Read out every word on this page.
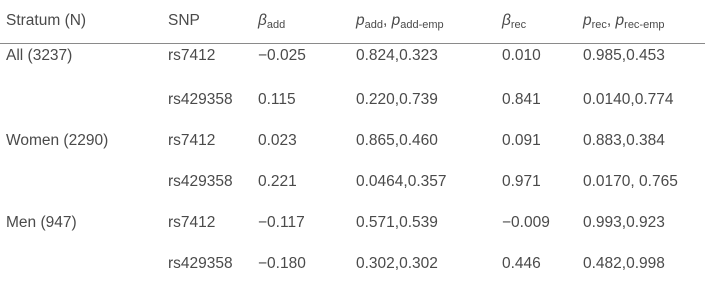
Stratum (N)	SNP	$\beta_{add}$	$p_{add}$, $p_{add-emp}$	$\beta_{rec}$	$p_{rec}$, $p_{rec-emp}$
All (3237)	rs7412	−0.025	0.824,0.323	0.010	0.985,0.453
	rs429358	0.115	0.220,0.739	0.841	0.0140,0.774
Women (2290)	rs7412	0.023	0.865,0.460	0.091	0.883,0.384
	rs429358	0.221	0.0464,0.357	0.971	0.0170, 0.765
Men (947)	rs7412	−0.117	0.571,0.539	−0.009	0.993,0.923
	rs429358	−0.180	0.302,0.302	0.446	0.482,0.998
